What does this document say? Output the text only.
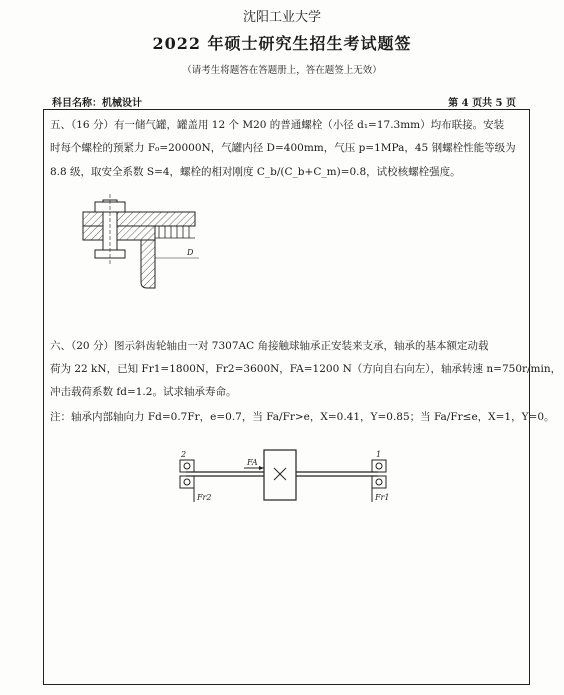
沈阳工业大学
2022 年硕士研究生招生考试题签
（请考生将题答在答题册上，答在题签上无效）
科目名称：机械设计	第 4 页共 5 页
五、（16 分）有一储气罐，罐盖用 12 个 M20 的普通螺栓（小径 d₁=17.3mm）均布联接。安装
时每个螺栓的预紧力 F₀=20000N，气罐内径 D=400mm，气压 p=1MPa，45 钢螺栓性能等级为
8.8 级，取安全系数 S=4，螺栓的相对刚度 C_b/(C_b+C_m)=0.8，试校核螺栓强度。
D
六、（20 分）图示斜齿轮轴由一对 7307AC 角接触球轴承正安装来支承，轴承的基本额定动载
荷为 22 kN，已知 Fr1=1800N，Fr2=3600N，FA=1200 N（方向自右向左），轴承转速 n=750r/min，
冲击载荷系数 fd=1.2。试求轴承寿命。
注：轴承内部轴向力 Fd=0.7Fr，e=0.7，当 Fa/Fr>e，X=0.41，Y=0.85；当 Fa/Fr≤e，X=1，Y=0。
2	1
FA
Fr2	Fr1
